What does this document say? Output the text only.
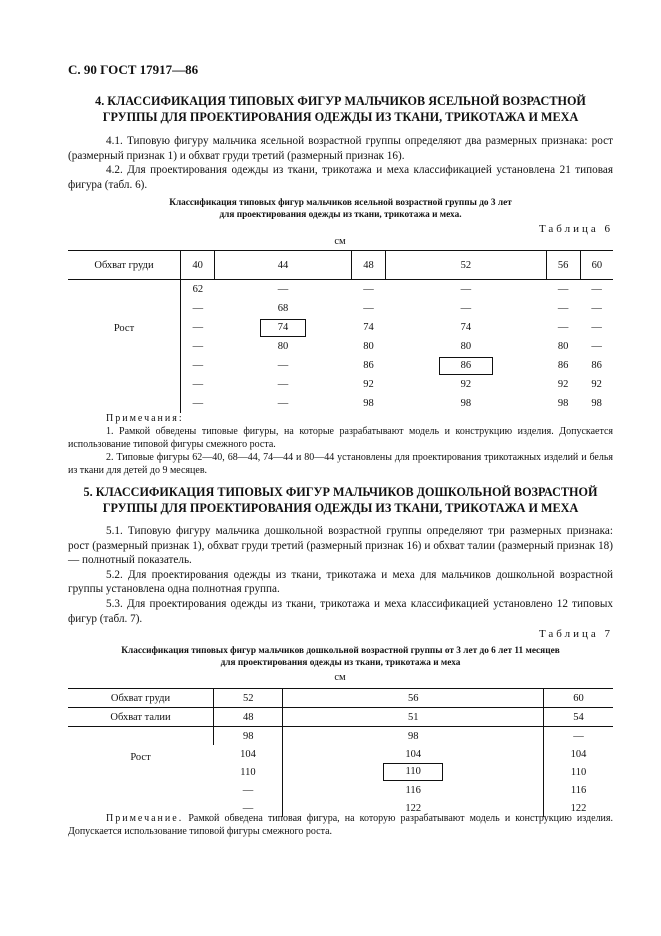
С. 90 ГОСТ 17917—86
4. КЛАССИФИКАЦИЯ ТИПОВЫХ ФИГУР МАЛЬЧИКОВ ЯСЕЛЬНОЙ ВОЗРАСТНОЙ
ГРУППЫ ДЛЯ ПРОЕКТИРОВАНИЯ ОДЕЖДЫ ИЗ ТКАНИ, ТРИКОТАЖА И МЕХА

4.1. Типовую фигуру мальчика ясельной возрастной группы определяют два размерных признака: рост (размерный признак 1) и обхват груди третий (размерный признак 16).

4.2. Для проектирования одежды из ткани, трикотажа и меха классификацией установлена 21 типовая фигура (табл. 6).

Классификация типовых фигур мальчиков ясельной возрастной группы до 3 лет
для проектирования одежды из ткани, трикотажа и меха.
Таблица 6
см
Обхват груди	40	44	48	52	56	60

Рост	62	—	—	—	—	—
	—	68	—	—	—	—
	—	74	74	74	—	—
	—	80	80	80	80	—
	—	—	86	86	86	86
	—	—	92	92	92	92
	—	—	98	98	98	98

Примечания:

1. Рамкой обведены типовые фигуры, на которые разрабатывают модель и конструкцию изделия. Допускается использование типовой фигуры смежного роста.

2. Типовые фигуры 62—40, 68—44, 74—44 и 80—44 установлены для проектирования трикотажных изделий и белья из ткани для детей до 9 месяцев.

5. КЛАССИФИКАЦИЯ ТИПОВЫХ ФИГУР МАЛЬЧИКОВ ДОШКОЛЬНОЙ ВОЗРАСТНОЙ
ГРУППЫ ДЛЯ ПРОЕКТИРОВАНИЯ ОДЕЖДЫ ИЗ ТКАНИ, ТРИКОТАЖА И МЕХА

5.1. Типовую фигуру мальчика дошкольной возрастной группы определяют три размерных признака: рост (размерный признак 1), обхват груди третий (размерный признак 16) и обхват талии (размерный признак 18) — полнотный показатель.

5.2. Для проектирования одежды из ткани, трикотажа и меха для мальчиков дошкольной возрастной группы установлена одна полнотная группа.

5.3. Для проектирования одежды из ткани, трикотажа и меха классификацией установлено 12 типовых фигур (табл. 7).

Таблица 7
Классификация типовых фигур мальчиков дошкольной возрастной группы от 3 лет до 6 лет 11 месяцев
для проектирования одежды из ткани, трикотажа и меха
см
Обхват груди	52	56	60
Обхват талии	48	51	54

Рост	98	98	—
	104	104	104
	110	110	110
	—	116	116
	—	122	122

Примечание. Рамкой обведена типовая фигура, на которую разрабатывают модель и конструкцию изделия. Допускается использование типовой фигуры смежного роста.
